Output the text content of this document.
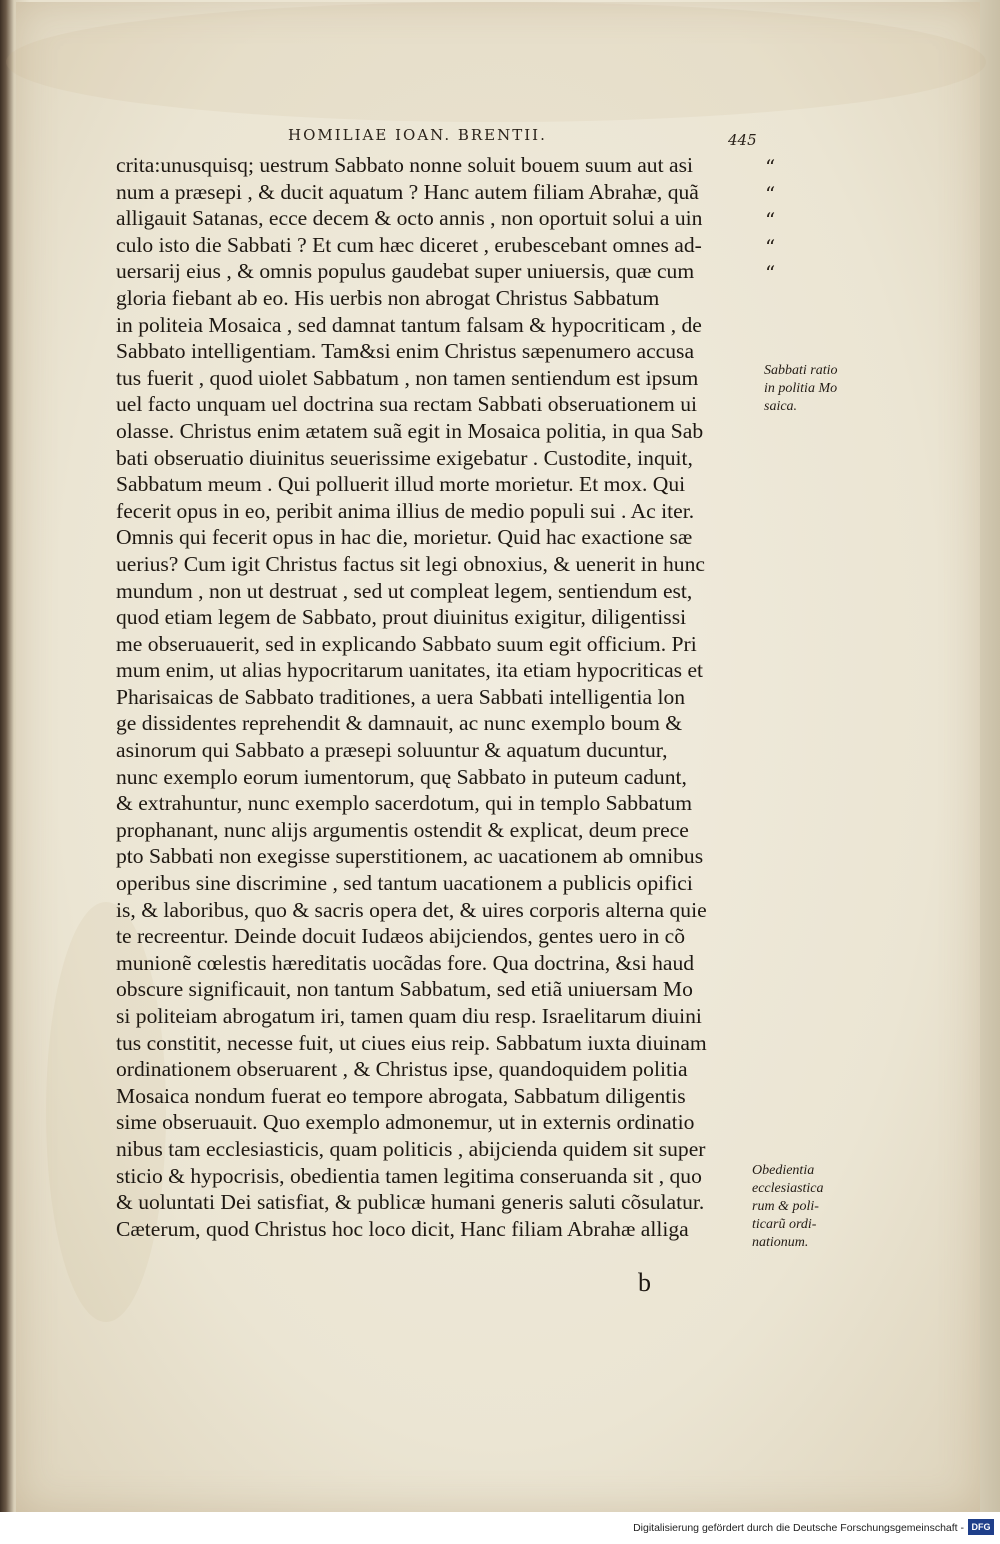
HOMILIAE IOAN. BRENTII.	445
crita:unusquisq; uestrum Sabbato nonne soluit bouem suum aut asi
num a præsepi , & ducit aquatum ? Hanc autem filiam Abrahæ, quã
alligauit Satanas, ecce decem & octo annis , non oportuit solui a uin
culo isto die Sabbati ? Et cum hæc diceret , erubescebant omnes ad-
uersarij eius , & omnis populus gaudebat super uniuersis, quæ cum
gloria fiebant ab eo. His uerbis non abrogat Christus Sabbatum
in politeia Mosaica , sed damnat tantum falsam & hypocriticam , de
Sabbato intelligentiam. Tam&si enim Christus sæpenumero accusa
tus fuerit , quod uiolet Sabbatum , non tamen sentiendum est ipsum
uel facto unquam uel doctrina sua rectam Sabbati obseruationem ui
olasse. Christus enim ætatem suã egit in Mosaica politia, in qua Sab
bati obseruatio diuinitus seuerissime exigebatur . Custodite, inquit,
Sabbatum meum . Qui polluerit illud morte morietur. Et mox. Qui
fecerit opus in eo, peribit anima illius de medio populi sui . Ac iter.
Omnis qui fecerit opus in hac die, morietur. Quid hac exactione sæ
uerius? Cum igit Christus factus sit legi obnoxius, & uenerit in hunc
mundum , non ut destruat , sed ut compleat legem, sentiendum est,
quod etiam legem de Sabbato, prout diuinitus exigitur, diligentissi
me obseruauerit, sed in explicando Sabbato suum egit officium. Pri
mum enim, ut alias hypocritarum uanitates, ita etiam hypocriticas et
Pharisaicas de Sabbato traditiones, a uera Sabbati intelligentia lon
ge dissidentes reprehendit & damnauit, ac nunc exemplo boum &
asinorum qui Sabbato a præsepi soluuntur & aquatum ducuntur,
nunc exemplo eorum iumentorum, quę Sabbato in puteum cadunt,
& extrahuntur, nunc exemplo sacerdotum, qui in templo Sabbatum
prophanant, nunc alijs argumentis ostendit & explicat, deum prece
pto Sabbati non exegisse superstitionem, ac uacationem ab omnibus
operibus sine discrimine , sed tantum uacationem a publicis opifici
is, & laboribus, quo & sacris opera det, & uires corporis alterna quie
te recreentur. Deinde docuit Iudæos abijciendos, gentes uero in cõ
munionẽ cœlestis hæreditatis uocãdas fore. Qua doctrina, &si haud
obscure significauit, non tantum Sabbatum, sed etiã uniuersam Mo
si politeiam abrogatum iri, tamen quam diu resp. Israelitarum diuini
tus constitit, necesse fuit, ut ciues eius reip. Sabbatum iuxta diuinam
ordinationem obseruarent , & Christus ipse, quandoquidem politia
Mosaica nondum fuerat eo tempore abrogata, Sabbatum diligentis
sime obseruauit. Quo exemplo admonemur, ut in externis ordinatio
nibus tam ecclesiasticis, quam politicis , abijcienda quidem sit super
sticio & hypocrisis, obedientia tamen legitima conseruanda sit , quo
& uoluntati Dei satisfiat, & publicæ humani generis saluti cõsulatur.
Cæterum, quod Christus hoc loco dicit, Hanc filiam Abrahæ alliga
“
“
“
“
“
Sabbati ratio
in politia Mo
saica.
Obedientia
ecclesiastica
rum & poli-
ticarũ ordi-
nationum.
b
Digitalisierung gefördert durch die Deutsche Forschungsgemeinschaft - DFG
